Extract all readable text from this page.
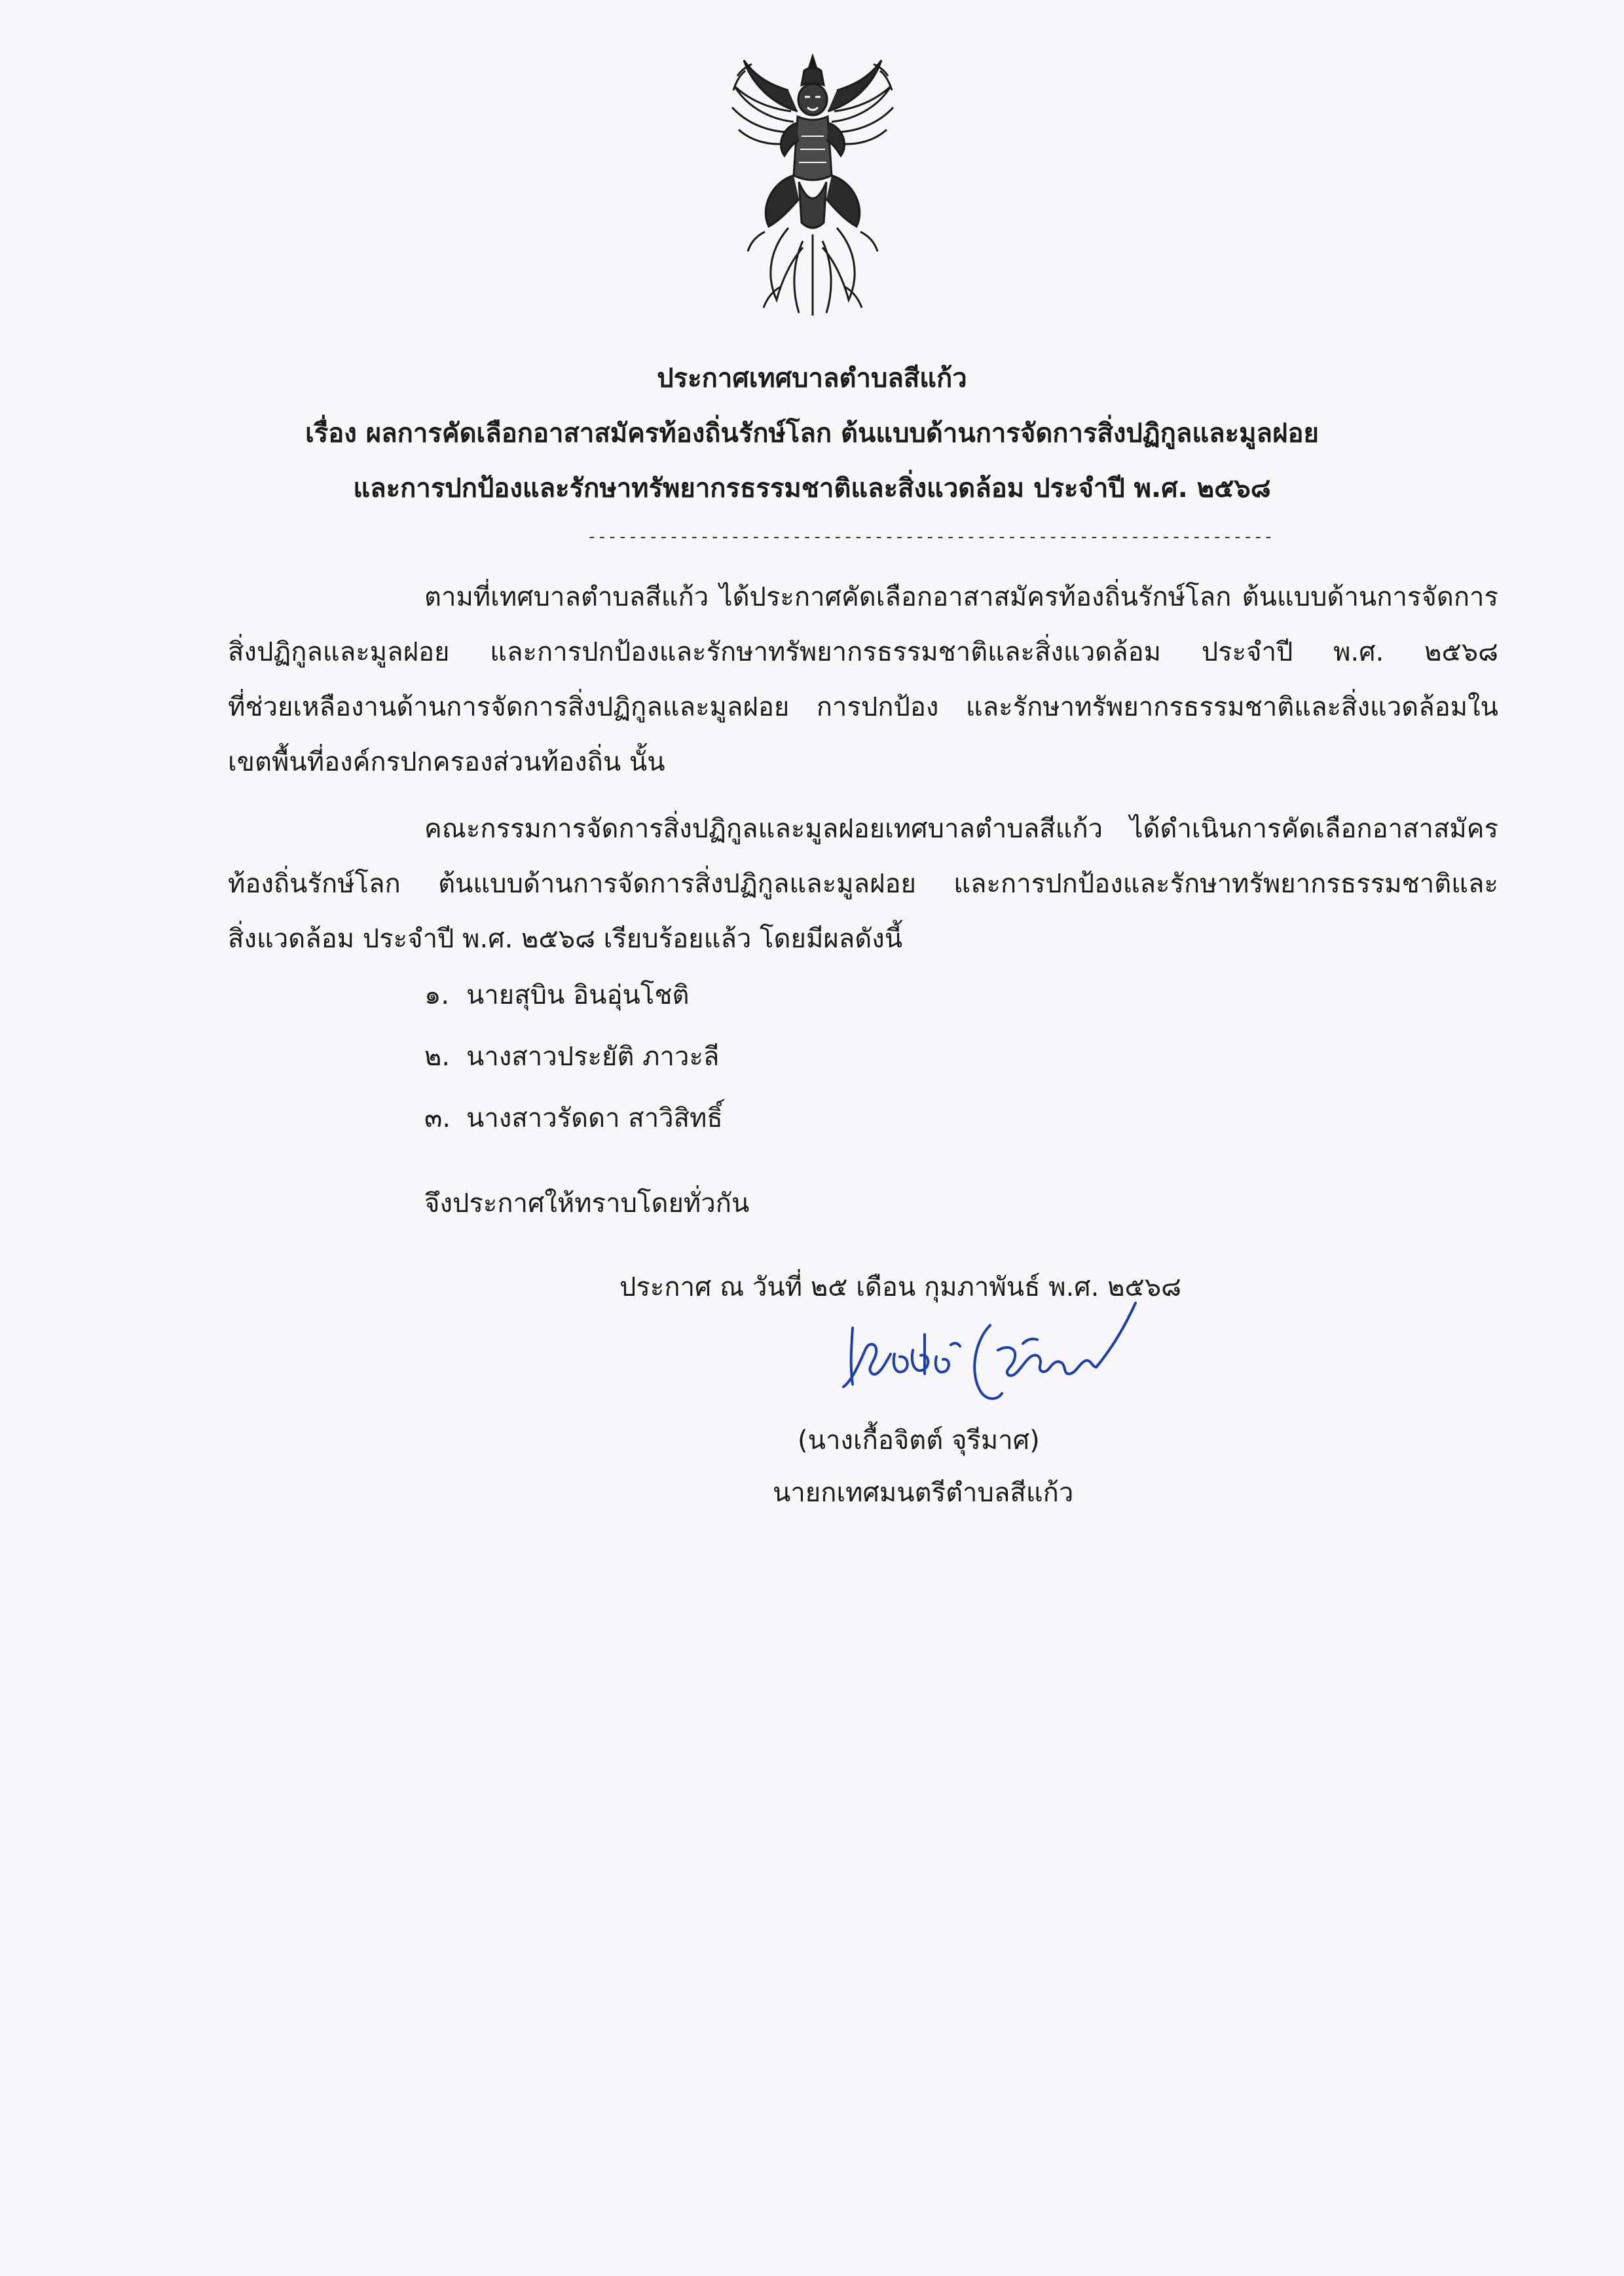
ประกาศเทศบาลตำบลสีแก้ว
เรื่อง ผลการคัดเลือกอาสาสมัครท้องถิ่นรักษ์โลก ต้นแบบด้านการจัดการสิ่งปฏิกูลและมูลฝอย
และการปกป้องและรักษาทรัพยากรธรรมชาติและสิ่งแวดล้อม ประจำปี พ.ศ. ๒๕๖๘
-------------------------------------------------------------------
ตามที่เทศบาลตำบลสีแก้ว ได้ประกาศคัดเลือกอาสาสมัครท้องถิ่นรักษ์โลก ต้นแบบด้านการจัดการ
สิ่งปฏิกูลและมูลฝอย และการปกป้องและรักษาทรัพยากรธรรมชาติและสิ่งแวดล้อม ประจำปี พ.ศ. ๒๕๖๘
ที่ช่วยเหลืองานด้านการจัดการสิ่งปฏิกูลและมูลฝอย การปกป้อง และรักษาทรัพยากรธรรมชาติและสิ่งแวดล้อมใน
เขตพื้นที่องค์กรปกครองส่วนท้องถิ่น นั้น
คณะกรรมการจัดการสิ่งปฏิกูลและมูลฝอยเทศบาลตำบลสีแก้ว ได้ดำเนินการคัดเลือกอาสาสมัคร
ท้องถิ่นรักษ์โลก ต้นแบบด้านการจัดการสิ่งปฏิกูลและมูลฝอย และการปกป้องและรักษาทรัพยากรธรรมชาติและ
สิ่งแวดล้อม ประจำปี พ.ศ. ๒๕๖๘ เรียบร้อยแล้ว โดยมีผลดังนี้
๑. นายสุบิน อินอุ่นโชติ
๒. นางสาวประยัติ ภาวะลี
๓. นางสาวรัดดา สาวิสิทธิ์
จึงประกาศให้ทราบโดยทั่วกัน
ประกาศ ณ วันที่ ๒๕ เดือน กุมภาพันธ์ พ.ศ. ๒๕๖๘
(นางเกื้อจิตต์ จุรีมาศ)
นายกเทศมนตรีตำบลสีแก้ว
